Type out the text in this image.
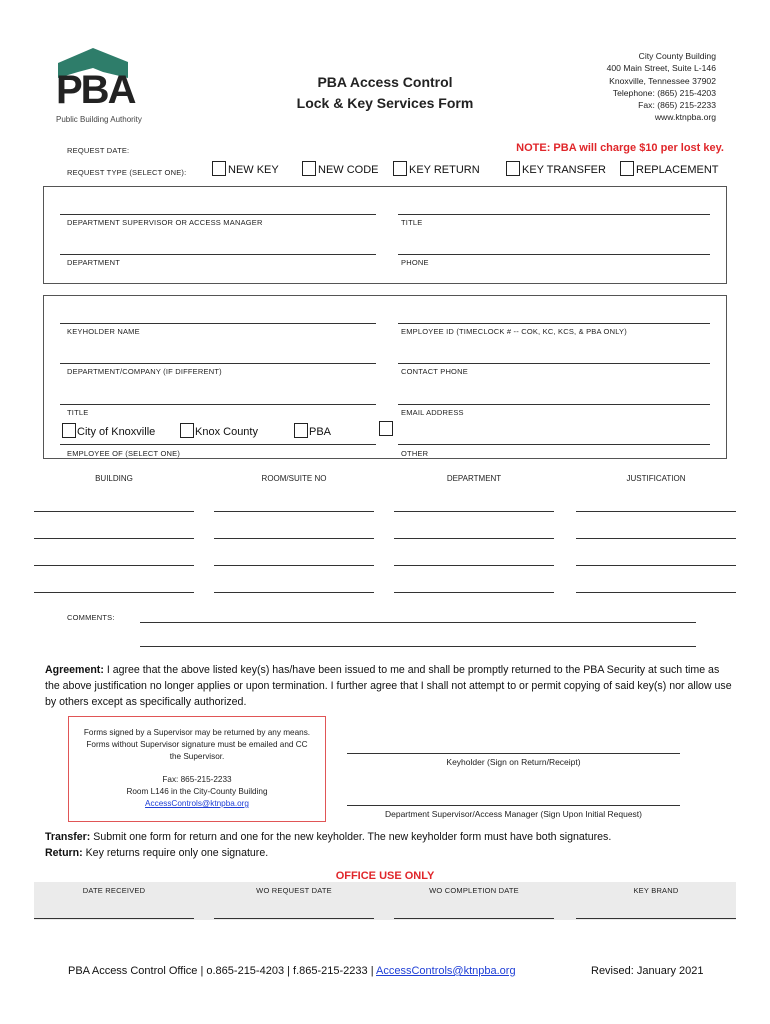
PBA
Public Building Authority
PBA Access Control
Lock & Key Services Form
City County Building
400 Main Street, Suite L-146
Knoxville, Tennessee 37902
Telephone: (865) 215-4203
Fax: (865) 215-2233
www.ktnpba.org
NOTE: PBA will charge $10 per lost key.
REQUEST DATE:
REQUEST TYPE (SELECT ONE):	NEW KEY	NEW CODE	KEY RETURN	KEY TRANSFER	REPLACEMENT
DEPARTMENT SUPERVISOR OR ACCESS MANAGER	TITLE
DEPARTMENT	PHONE
KEYHOLDER NAME	EMPLOYEE ID (TIMECLOCK # -- COK, KC, KCS, & PBA ONLY)
DEPARTMENT/COMPANY (IF DIFFERENT)	CONTACT PHONE
TITLE	EMAIL ADDRESS
City of Knoxville	Knox County	PBA
EMPLOYEE OF (SELECT ONE)	OTHER
BUILDING	ROOM/SUITE NO	DEPARTMENT	JUSTIFICATION
COMMENTS:
Agreement: I agree that the above listed key(s) has/have been issued to me and shall be promptly returned to the PBA Security at such time as the above justification no longer applies or upon termination. I further agree that I shall not attempt to or permit copying of said key(s) nor allow use by others except as specifically authorized.
Forms signed by a Supervisor may be returned by any means. Forms without Supervisor signature must be emailed and CC the Supervisor.
Fax: 865-215-2233
Room L146 in the City-County Building
AccessControls@ktnpba.org
Keyholder (Sign on Return/Receipt)
Department Supervisor/Access Manager (Sign Upon Initial Request)
Transfer: Submit one form for return and one for the new keyholder. The new keyholder form must have both signatures.
Return: Key returns require only one signature.
OFFICE USE ONLY
DATE RECEIVED	WO REQUEST DATE	WO COMPLETION DATE	KEY BRAND
PBA Access Control Office | o.865-215-4203 | f.865-215-2233 | AccessControls@ktnpba.org	Revised: January 2021
